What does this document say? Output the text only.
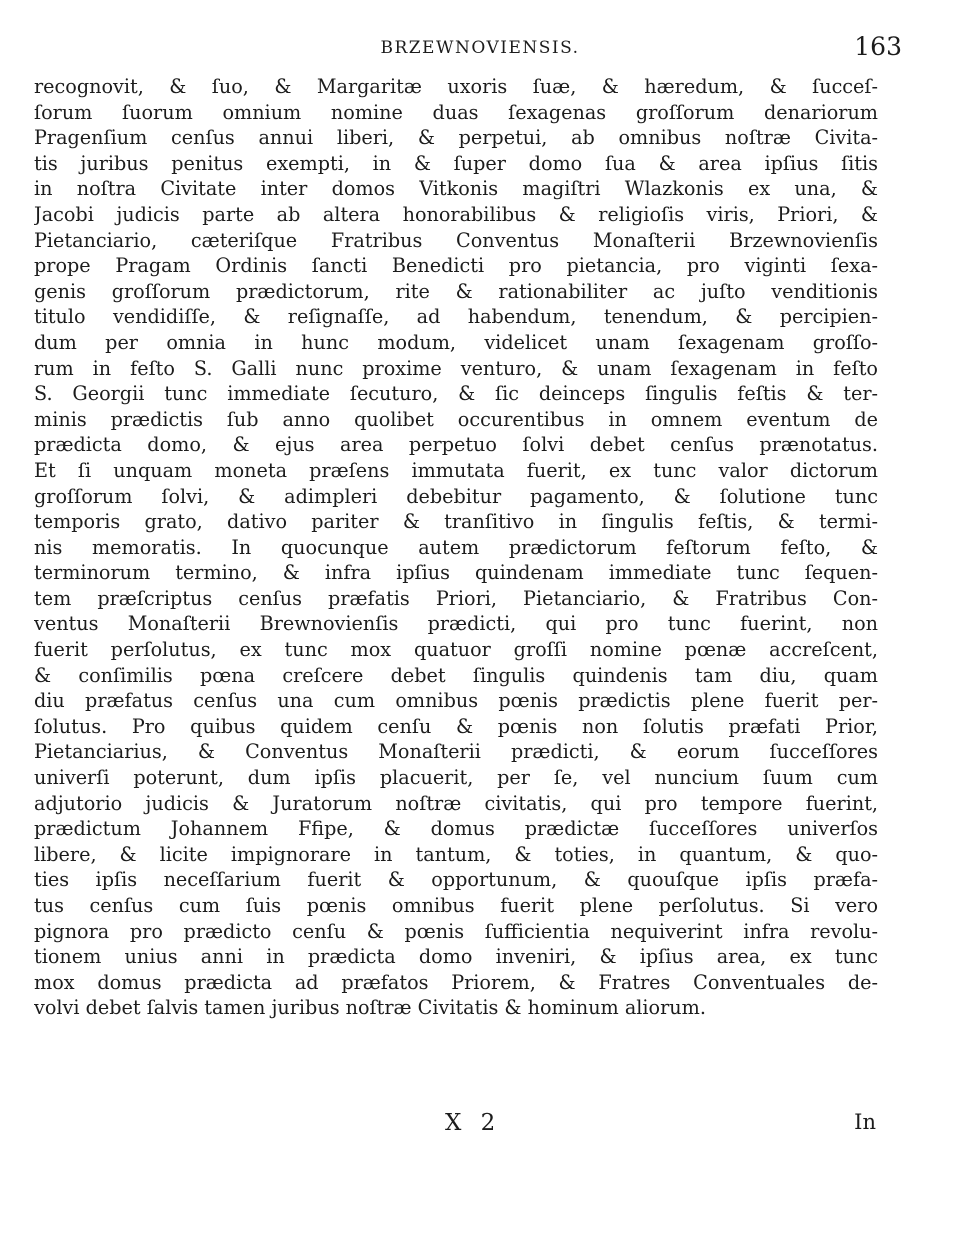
BRZEWNOVIENSIS.	163
recognovit, & ſuo, & Margaritæ uxoris ſuæ, & hæredum, & ſucceſ-
ſorum ſuorum omnium nomine duas ſexagenas groſſorum denariorum
Pragenſium cenſus annui liberi, & perpetui, ab omnibus noſtræ Civita-
tis juribus penitus exempti, in & ſuper domo ſua & area ipſius ſitis
in noſtra Civitate inter domos Vitkonis magiſtri Wlazkonis ex una, &
Jacobi judicis parte ab altera honorabilibus & religioſis viris, Priori, &
Pietanciario, cæteriſque Fratribus Conventus Monaſterii Brzewnovienſis
prope Pragam Ordinis ſancti Benedicti pro pietancia, pro viginti ſexa-
genis groſſorum prædictorum, rite & rationabiliter ac juſto venditionis
titulo vendidiſſe, & reſignaſſe, ad habendum, tenendum, & percipien-
dum per omnia in hunc modum, videlicet unam ſexagenam groſſo-
rum in feſto S. Galli nunc proxime venturo, & unam ſexagenam in feſto
S. Georgii tunc immediate ſecuturo, & ſic deinceps ſingulis feſtis & ter-
minis prædictis ſub anno quolibet occurentibus in omnem eventum de
prædicta domo, & ejus area perpetuo ſolvi debet cenſus prænotatus.
Et ſi unquam moneta præſens immutata fuerit, ex tunc valor dictorum
groſſorum ſolvi, & adimpleri debebitur pagamento, & ſolutione tunc
temporis grato, dativo pariter & tranſitivo in ſingulis feſtis, & termi-
nis memoratis. In quocunque autem prædictorum feſtorum feſto, &
terminorum termino, & infra ipſius quindenam immediate tunc ſequen-
tem præſcriptus cenſus præfatis Priori, Pietanciario, & Fratribus Con-
ventus Monaſterii Brewnovienſis prædicti, qui pro tunc fuerint, non
fuerit perſolutus, ex tunc mox quatuor groſſi nomine pœnæ accreſcent,
& conſimilis pœna creſcere debet ſingulis quindenis tam diu, quam
diu præfatus cenſus una cum omnibus pœnis prædictis plene fuerit per-
ſolutus. Pro quibus quidem cenſu & pœnis non ſolutis præfati Prior,
Pietanciarius, & Conventus Monaſterii prædicti, & eorum ſucceſſores
univerſi poterunt, dum ipſis placuerit, per ſe, vel nuncium ſuum cum
adjutorio judicis & Juratorum noſtræ civitatis, qui pro tempore fuerint,
prædictum Johannem Ffipe, & domus prædictæ ſucceſſores univerſos
libere, & licite impignorare in tantum, & toties, in quantum, & quo-
ties ipſis neceſſarium fuerit & opportunum, & quouſque ipſis præfa-
tus cenſus cum ſuis pœnis omnibus fuerit plene perſolutus. Si vero
pignora pro prædicto cenſu & pœnis ſufficientia nequiverint infra revolu-
tionem unius anni in prædicta domo inveniri, & ipſius area, ex tunc
mox domus prædicta ad præfatos Priorem, & Fratres Conventuales de-
volvi debet ſalvis tamen juribus noſtræ Civitatis & hominum aliorum.
X 2	In
